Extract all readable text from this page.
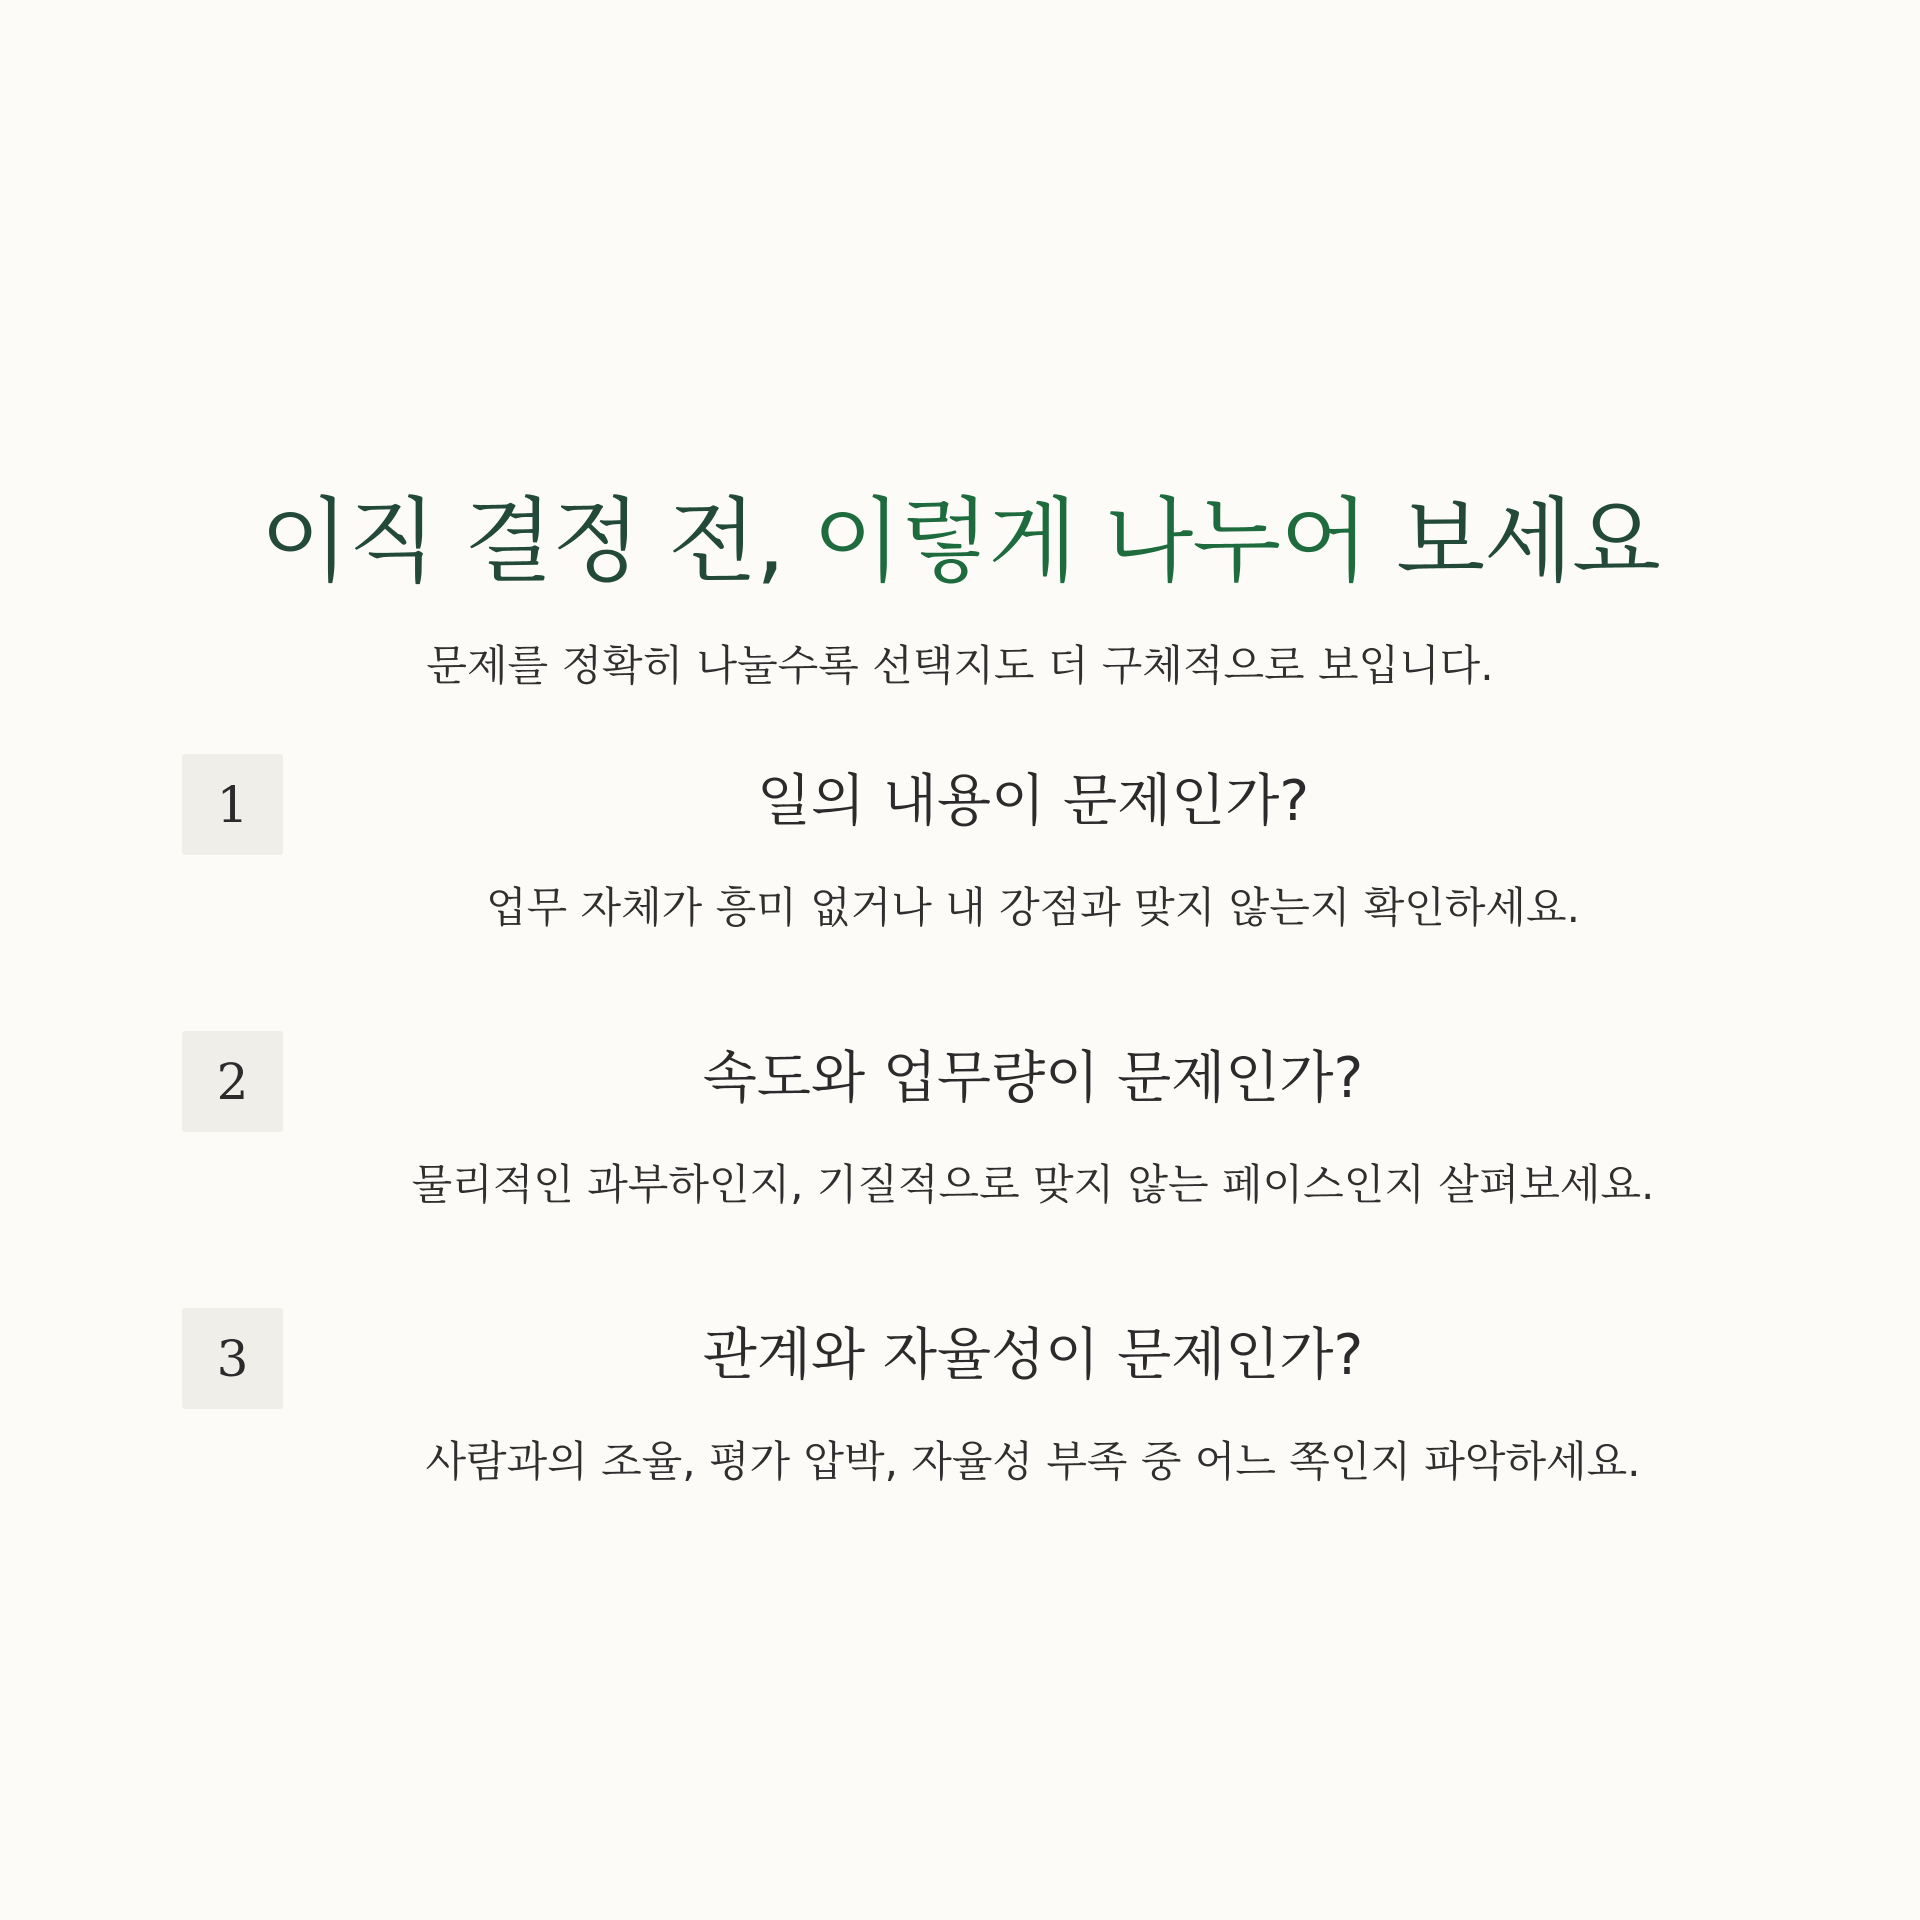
이직 결정 전, 이렇게 나누어 보세요
문제를 정확히 나눌수록 선택지도 더 구체적으로 보입니다.
1	일의 내용이 문제인가?
업무 자체가 흥미 없거나 내 강점과 맞지 않는지 확인하세요.
2	속도와 업무량이 문제인가?
물리적인 과부하인지, 기질적으로 맞지 않는 페이스인지 살펴보세요.
3	관계와 자율성이 문제인가?
사람과의 조율, 평가 압박, 자율성 부족 중 어느 쪽인지 파악하세요.
